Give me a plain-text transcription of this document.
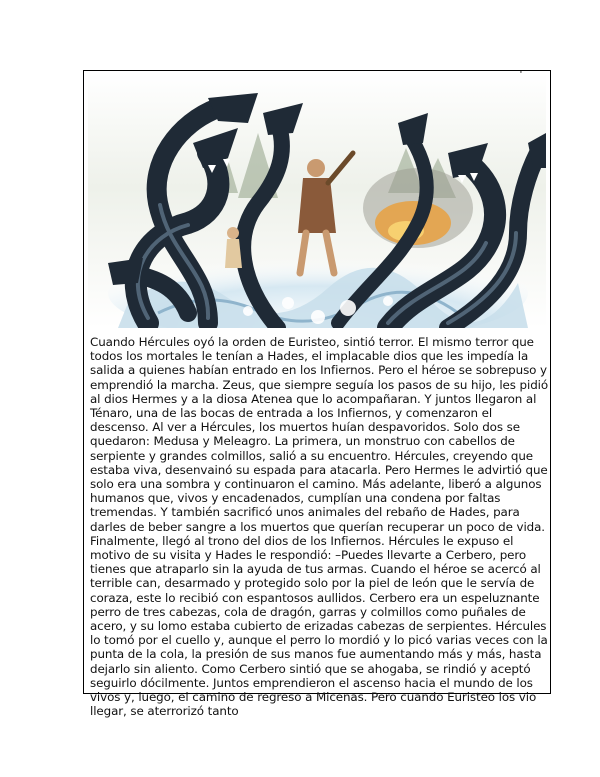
Cuando Hércules oyó la orden de Euristeo, sintió terror. El mismo terror que todos los mortales le tenían a Hades, el implacable dios que les impedía la salida a quienes habían entrado en los Infiernos. Pero el héroe se sobrepuso y emprendió la marcha. Zeus, que siempre seguía los pasos de su hijo, les pidió al dios Hermes y a la diosa Atenea que lo acompañaran. Y juntos llegaron al Ténaro, una de las bocas de entrada a los Infiernos, y comenzaron el descenso. Al ver a Hércules, los muertos huían despavoridos. Solo dos se quedaron: Medusa y Meleagro. La primera, un monstruo con cabellos de serpiente y grandes colmillos, salió a su encuentro. Hércules, creyendo que estaba viva, desenvainó su espada para atacarla. Pero Hermes le advirtió que solo era una sombra y continuaron el camino. Más adelante, liberó a algunos humanos que, vivos y encadenados, cumplían una condena por faltas tremendas. Y también sacrificó unos animales del rebaño de Hades, para darles de beber sangre a los muertos que querían recuperar un poco de vida. Finalmente, llegó al trono del dios de los Infiernos. Hércules le expuso el motivo de su visita y Hades le respondió: –Puedes llevarte a Cerbero, pero tienes que atraparlo sin la ayuda de tus armas. Cuando el héroe se acercó al terrible can, desarmado y protegido solo por la piel de león que le servía de coraza, este lo recibió con espantosos aullidos. Cerbero era un espeluznante perro de tres cabezas, cola de dragón, garras y colmillos como puñales de acero, y su lomo estaba cubierto de erizadas cabezas de serpientes. Hércules lo tomó por el cuello y, aunque el perro lo mordió y lo picó varias veces con la punta de la cola, la presión de sus manos fue aumentando más y más, hasta dejarlo sin aliento. Como Cerbero sintió que se ahogaba, se rindió y aceptó seguirlo dócilmente. Juntos emprendieron el ascenso hacia el mundo de los vivos y, luego, el camino de regreso a Micenas. Pero cuando Euristeo los vio llegar, se aterrorizó tanto
